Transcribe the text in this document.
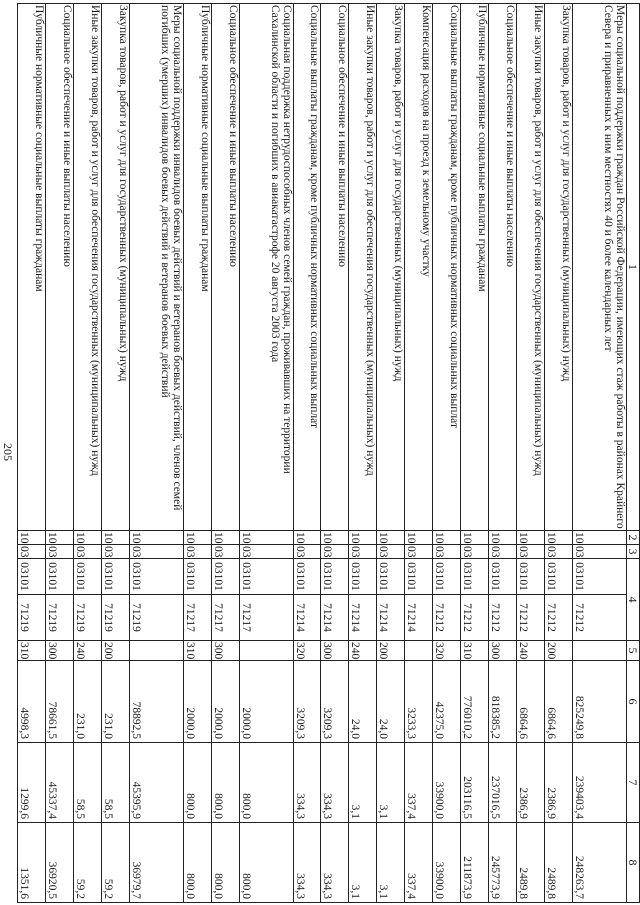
205
1	2	3	4		5	6	7	8
Меры социальной поддержки граждан Российской Федерации, имеющих стаж работы в районах Крайнего Севера и приравненных к ним местностях 40 и более календарных лет	10	03	03101	71212		825249,8	239403,4	248263,7
Закупка товаров, работ и услуг для государственных (муниципальных) нужд	10	03	03101	71212	200	6864,6	2386,9	2489,8
Иные закупки товаров, работ и услуг для обеспечения государственных (муниципальных) нужд	10	03	03101	71212	240	6864,6	2386,9	2489,8
Социальное обеспечение и иные выплаты населению	10	03	03101	71212	300	818385,2	237016,5	245773,9
Публичные нормативные социальные выплаты гражданам	10	03	03101	71212	310	776010,2	203116,5	211873,9
Социальные выплаты гражданам, кроме публичных нормативных социальных выплат	10	03	03101	71212	320	42375,0	33900,0	33900,0
Компенсация расходов на проезд к земельному участку	10	03	03101	71214		3233,3	337,4	337,4
Закупка товаров, работ и услуг для государственных (муниципальных) нужд	10	03	03101	71214	200	24,0	3,1	3,1
Иные закупки товаров, работ и услуг для обеспечения государственных (муниципальных) нужд	10	03	03101	71214	240	24,0	3,1	3,1
Социальное обеспечение и иные выплаты населению	10	03	03101	71214	300	3209,3	334,3	334,3
Социальные выплаты гражданам, кроме публичных нормативных социальных выплат	10	03	03101	71214	320	3209,3	334,3	334,3
Социальная поддержка нетрудоспособных членов семей граждан, проживавших на территории Сахалинской области и погибших в авиакатастрофе 20 августа 2003 года	10	03	03101	71217		2000,0	800,0	800,0
Социальное обеспечение и иные выплаты населению	10	03	03101	71217	300	2000,0	800,0	800,0
Публичные нормативные социальные выплаты гражданам	10	03	03101	71217	310	2000,0	800,0	800,0
Меры социальной поддержки инвалидов боевых действий и ветеранов боевых действий, членов семей погибших (умерших) инвалидов боевых действий и ветеранов боевых действий	10	03	03101	71219		78892,5	45395,9	36979,7
Закупка товаров, работ и услуг для государственных (муниципальных) нужд	10	03	03101	71219	200	231,0	58,5	59,2
Иные закупки товаров, работ и услуг для обеспечения государственных (муниципальных) нужд	10	03	03101	71219	240	231,0	58,5	59,2
Социальное обеспечение и иные выплаты населению	10	03	03101	71219	300	78661,5	45337,4	36920,5
Публичные нормативные социальные выплаты гражданам	10	03	03101	71219	310	4998,3	1299,6	1351,6
